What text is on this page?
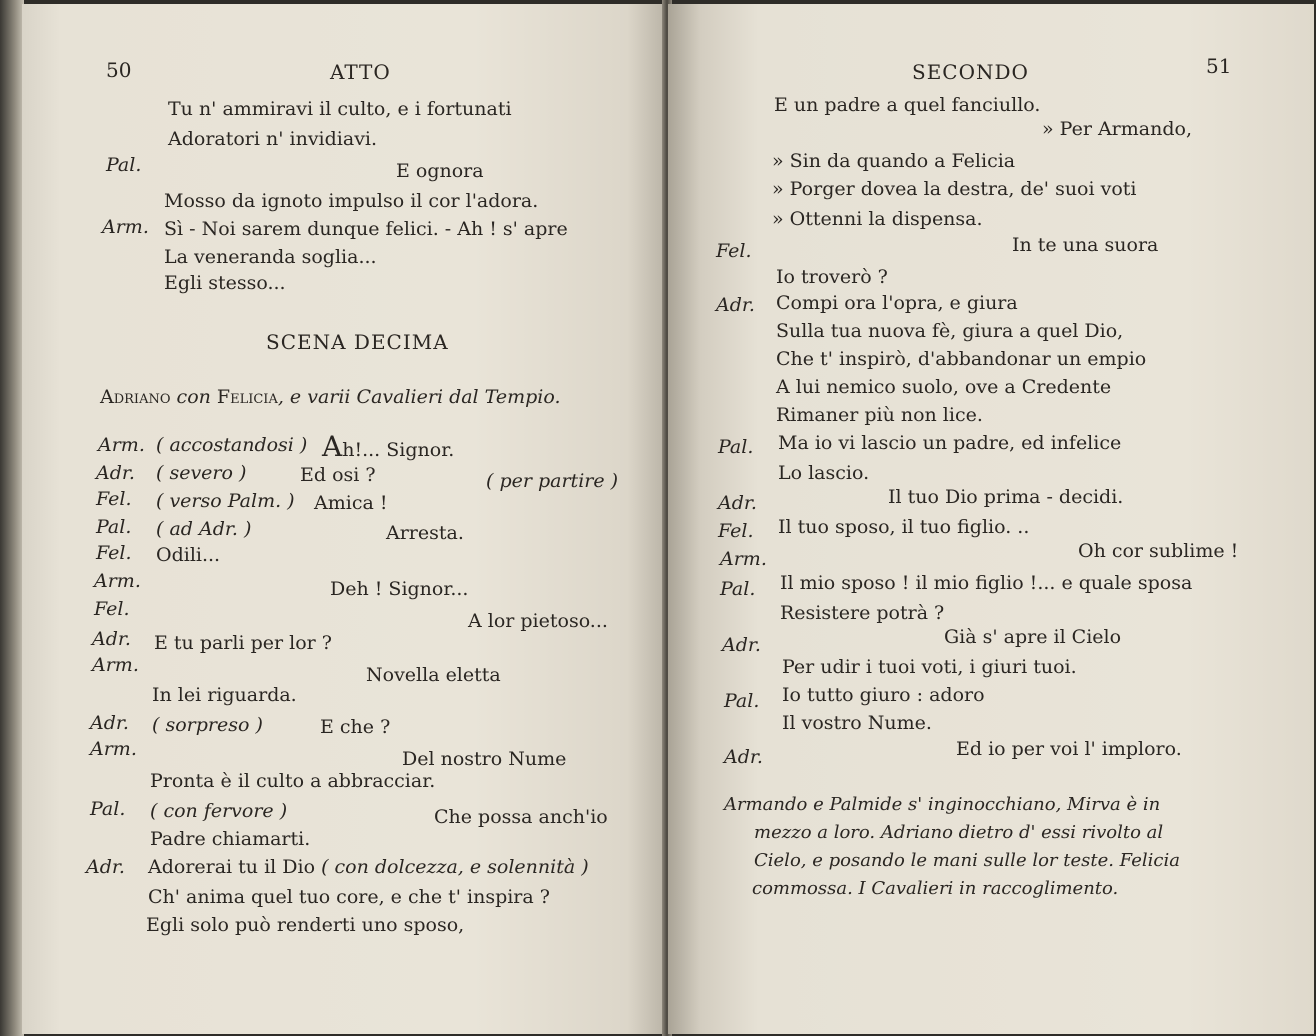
50	ATTO
Tu n' ammiravi il culto, e i fortunati
Adoratori n' invidiavi.
Pal.	E ognora
Mosso da ignoto impulso il cor l'adora.
Arm. Sì - Noi sarem dunque felici. - Ah ! s' apre
La veneranda soglia...
Egli stesso...
SCENA DECIMA
Adriano con Felicia, e varii Cavalieri dal Tempio.
Arm. ( accostandosi ) Ah!... Signor.
Adr. ( severo )	Ed osi ?	( per partire )
Fel. ( verso Palm. ) Amica !
Pal. ( ad Adr. )	Arresta.
Fel. Odili...
Arm.	Deh ! Signor...
Fel.
A lor pietoso...
Adr. E tu parli per lor ?
Arm.	Novella eletta
In lei riguarda.
Adr. ( sorpreso )	E che ?
Arm.	Del nostro Nume
Pronta è il culto a abbracciar.
Pal. ( con fervore )	Che possa anch'io
Padre chiamarti.
Adr. Adorerai tu il Dio ( con dolcezza, e solennità )
Ch' anima quel tuo core, e che t' inspira ?
Egli solo può renderti uno sposo,
SECONDO	51
E un padre a quel fanciullo.
» Per Armando,
» Sin da quando a Felicia
» Porger dovea la destra, de' suoi voti
» Ottenni la dispensa.
Fel.	In te una suora
Io troverò ?
Adr. Compi ora l'opra, e giura
Sulla tua nuova fè, giura a quel Dio,
Che t' inspirò, d'abbandonar un empio
A lui nemico suolo, ove a Credente
Rimaner più non lice.
Pal. Ma io vi lascio un padre, ed infelice
Lo lascio.
Adr.	Il tuo Dio prima - decidi.
Fel. Il tuo sposo, il tuo figlio. ..
Arm.	Oh cor sublime !
Pal. Il mio sposo ! il mio figlio !... e quale sposa
Resistere potrà ?
Adr.	Già s' apre il Cielo
Per udir i tuoi voti, i giuri tuoi.
Pal. Io tutto giuro : adoro
Il vostro Nume.
Adr.	Ed io per voi l' imploro.
Armando e Palmide s' inginocchiano, Mirva è in
mezzo a loro. Adriano dietro d' essi rivolto al
Cielo, e posando le mani sulle lor teste. Felicia
commossa. I Cavalieri in raccoglimento.
